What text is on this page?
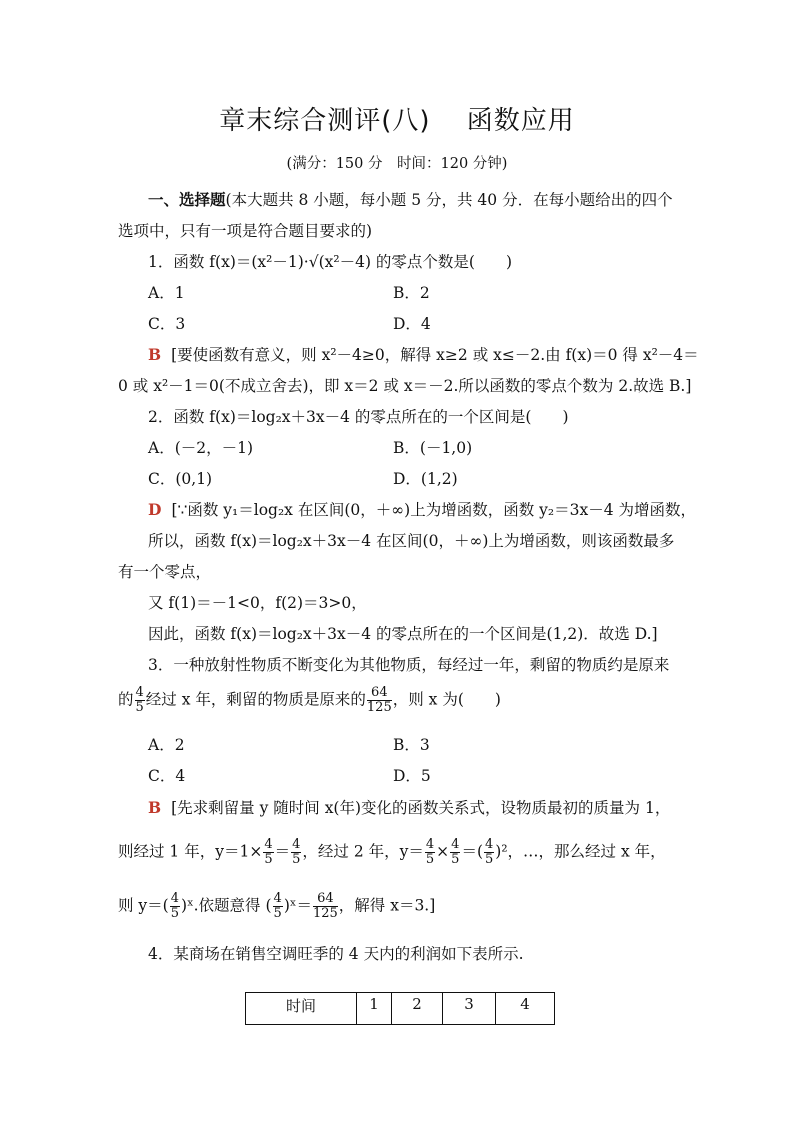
章末综合测评(八)　 函数应用
(满分：150 分　时间：120 分钟)
一、选择题(本大题共 8 小题，每小题 5 分，共 40 分．在每小题给出的四个
选项中，只有一项是符合题目要求的)
1．函数 f(x)＝(x²－1)·√(x²－4) 的零点个数是(　　)
A．1	B．2
C．3	D．4
B [要使函数有意义，则 x²－4≥0，解得 x≥2 或 x≤－2.由 f(x)＝0 得 x²－4＝
0 或 x²－1＝0(不成立舍去)，即 x＝2 或 x＝－2.所以函数的零点个数为 2.故选 B.]
2．函数 f(x)＝log₂x＋3x－4 的零点所在的一个区间是(　　)
A．(－2，－1)	B．(－1,0)
C．(0,1)	D．(1,2)
D [∵函数 y₁＝log₂x 在区间(0，＋∞)上为增函数，函数 y₂＝3x－4 为增函数，
所以，函数 f(x)＝log₂x＋3x－4 在区间(0，＋∞)上为增函数，则该函数最多
有一个零点，
又 f(1)＝－1<0，f(2)＝3>0，
因此，函数 f(x)＝log₂x＋3x－4 的零点所在的一个区间是(1,2)．故选 D.]
3．一种放射性物质不断变化为其他物质，每经过一年，剩留的物质约是原来
的 $\frac{4}{5}$ 经过 x 年，剩留的物质是原来的 $\frac{64}{125}$ ，则 x 为(　　)
A．2	B．3
C．4	D．5
B [先求剩留量 y 随时间 x(年)变化的函数关系式，设物质最初的质量为 1，
则经过 1 年，$y=1\times \frac{4}{5} = \frac{4}{5}$ ，经过 2 年，$y= \frac{4}{5} \times \frac{4}{5}$ ＝( $\frac{4}{5} )^2$，…，那么经过 x 年，
则 $y=( \frac{4}{5}$ )ˣ.依题意得 ( $\frac{4}{5}$ )ˣ＝ $\frac{64}{125}$ ，解得 x＝3.]
4．某商场在销售空调旺季的 4 天内的利润如下表所示.
时间	1	2	3	4
